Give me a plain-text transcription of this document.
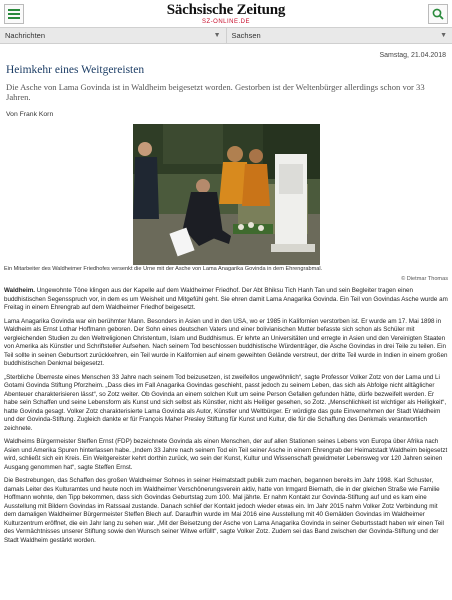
Sächsische Zeitung
SZ-ONLINE.DE
Nachrichten	▼ Sachsen	▼
Samstag, 21.04.2018
Heimkehr eines Weitgereisten

Die Asche von Lama Govinda ist in Waldheim beigesetzt worden. Gestorben ist der Weltenbürger allerdings schon vor 33 Jahren.

Von Frank Korn
Ein Mitarbeiter des Waldheimer Friedhofes versenkt die Urne mit der Asche von Lama Anagarika Govinda in dem Ehrengrabmal.
© Dietmar Thomas

Waldheim. Ungewohnte Töne klingen aus der Kapelle auf dem Waldheimer Friedhof. Der Abt Bhiksu Tich Hanh Tan und sein Begleiter tragen einen buddhistischen Segensspruch vor, in dem es um Weisheit und Mitgefühl geht. Sie ehren damit Lama Anagarika Govinda. Ein Teil von Govindas Asche wurde am Freitag in einem Ehrengrab auf dem Waldheimer Friedhof beigesetzt.

Lama Anagarika Govinda war ein berühmter Mann. Besonders in Asien und in den USA, wo er 1985 in Kalifornien verstorben ist. Er wurde am 17. Mai 1898 in Waldheim als Ernst Lothar Hoffmann geboren. Der Sohn eines deutschen Vaters und einer bolivianischen Mutter befasste sich schon als Schüler mit vergleichenden Studien zu den Weltreligionen Christentum, Islam und Buddhismus. Er lehrte an Universitäten und erregte in Asien und den Vereinigten Staaten von Amerika als Künstler und Schriftsteller Aufsehen. Nach seinem Tod beschlossen buddhistische Würdenträger, die Asche Govindas in drei Teile zu teilen. Ein Teil sollte in seinen Geburtsort zurückkehren, ein Teil wurde in Kalifornien auf einem geweihten Gelände verstreut, der dritte Teil wurde in Indien in einem großen buddhistischen Denkmal beigesetzt.

„Sterbliche Überreste eines Menschen 33 Jahre nach seinem Tod beizusetzen, ist zweifellos ungewöhnlich“, sagte Professor Volker Zotz von der Lama und Li Gotami Govinda Stiftung Pforzheim. „Dass dies im Fall Anagarika Govindas geschieht, passt jedoch zu seinem Leben, das sich als Abfolge nicht alltäglicher Abenteuer charakterisieren lässt“, so Zotz weiter. Ob Govinda an einem solchen Kult um seine Person Gefallen gefunden hätte, dürfe bezweifelt werden. Er habe sein Schaffen und seine Lebensform als Kunst und sich selbst als Künstler, nicht als Heiliger gesehen, so Zotz. „Menschlichkeit ist wichtiger als Heiligkeit“, hatte Govinda gesagt. Volker Zotz charakterisierte Lama Govinda als Autor, Künstler und Weltbürger. Er würdigte das gute Einvernehmen der Stadt Waldheim und der Govinda-Stiftung. Zugleich dankte er für François Maher Presley Stiftung für Kunst und Kultur, die für die Schaffung des Denkmals verantwortlich zeichnete.

Waldheims Bürgermeister Steffen Ernst (FDP) bezeichnete Govinda als einen Menschen, der auf allen Stationen seines Lebens von Europa über Afrika nach Asien und Amerika Spuren hinterlassen habe. „Indem 33 Jahre nach seinem Tod ein Teil seiner Asche in einem Ehrengrab der Heimatstadt Waldheim beigesetzt wird, schließt sich ein Kreis. Ein Weitgereister kehrt dorthin zurück, wo sein der Kunst, Kultur und Wissenschaft gewidmeter Lebensweg vor 120 Jahren seinen Ausgang genommen hat“, sagte Steffen Ernst.

Die Bestrebungen, das Schaffen des großen Waldheimer Sohnes in seiner Heimatstadt publik zum machen, begannen bereits im Jahr 1998. Karl Schuster, damals Leiter des Kulturamtes und heute noch im Waldheimer Verschönerungsverein aktiv, hatte von Irmgard Biernath, die in der gleichen Straße wie Familie Hoffmann wohnte, den Tipp bekommen, dass sich Govindas Geburtstag zum 100. Mal jährte. Er nahm Kontakt zur Govinda-Stiftung auf und es kam eine Ausstellung mit Bildern Govindas im Ratssaal zustande. Danach schlief der Kontakt jedoch wieder etwas ein. Im Jahr 2015 nahm Volker Zotz Verbindung mit dem damaligen Waldheimer Bürgermeister Steffen Blech auf. Daraufhin wurde im Mai 2016 eine Ausstellung mit 40 Gemälden Govindas im Waldheimer Kulturzentrum eröffnet, die ein Jahr lang zu sehen war. „Mit der Beisetzung der Asche von Lama Anagarika Govinda in seiner Geburtsstadt haben wir einen Teil des Vermächtnisses unserer Stiftung sowie den Wunsch seiner Witwe erfüllt“, sagte Volker Zotz. Zudem sei das Band zwischen der Govinda-Stiftung und der Stadt Waldheim gestärkt worden.
